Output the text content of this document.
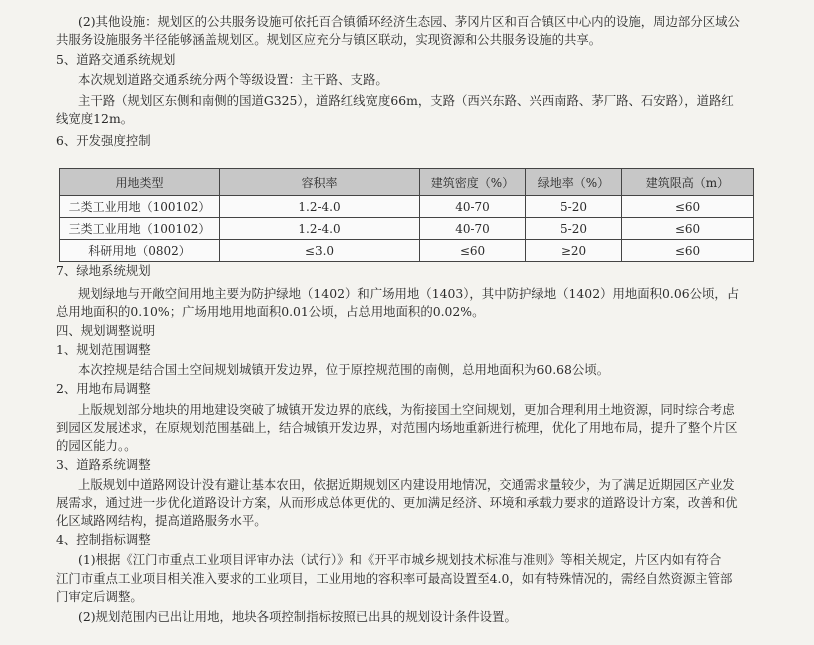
(2)其他设施：规划区的公共服务设施可依托百合镇循环经济生态园、茅冈片区和百合镇区中心内的设施，周边部分区域公
共服务设施服务半径能够涵盖规划区。规划区应充分与镇区联动，实现资源和公共服务设施的共享。
5、道路交通系统规划
本次规划道路交通系统分两个等级设置：主干路、支路。
主干路（规划区东侧和南侧的国道G325），道路红线宽度66m，支路（西兴东路、兴西南路、茅厂路、石安路），道路红
线宽度12m。
6、开发强度控制
用地类型	容积率	建筑密度（%）	绿地率（%）	建筑限高（m）
二类工业用地（100102）	1.2-4.0	40-70	5-20	≤60
三类工业用地（100102）	1.2-4.0	40-70	5-20	≤60
科研用地（0802）	≤3.0	≤60	≥20	≤60
7、绿地系统规划
规划绿地与开敞空间用地主要为防护绿地（1402）和广场用地（1403），其中防护绿地（1402）用地面积0.06公顷，占
总用地面积的0.10%；广场用地用地面积0.01公顷，占总用地面积的0.02%。
四、规划调整说明
1、规划范围调整
本次控规是结合国土空间规划城镇开发边界，位于原控规范围的南侧，总用地面积为60.68公顷。
2、用地布局调整
上版规划部分地块的用地建设突破了城镇开发边界的底线，为衔接国土空间规划，更加合理利用土地资源，同时综合考虑
到园区发展述求，在原规划范围基础上，结合城镇开发边界，对范围内场地重新进行梳理，优化了用地布局，提升了整个片区
的园区能力。。
3、道路系统调整
上版规划中道路网设计没有避让基本农田，依据近期规划区内建设用地情况，交通需求量较少，为了满足近期园区产业发
展需求，通过进一步优化道路设计方案，从而形成总体更优的、更加满足经济、环境和承载力要求的道路设计方案，改善和优
化区域路网结构，提高道路服务水平。
4、控制指标调整
(1)根据《江门市重点工业项目评审办法（试行）》和《开平市城乡规划技术标准与准则》等相关规定，片区内如有符合
江门市重点工业项目相关准入要求的工业项目，工业用地的容积率可最高设置至4.0，如有特殊情况的，需经自然资源主管部
门审定后调整。
(2)规划范围内已出让用地，地块各项控制指标按照已出具的规划设计条件设置。
